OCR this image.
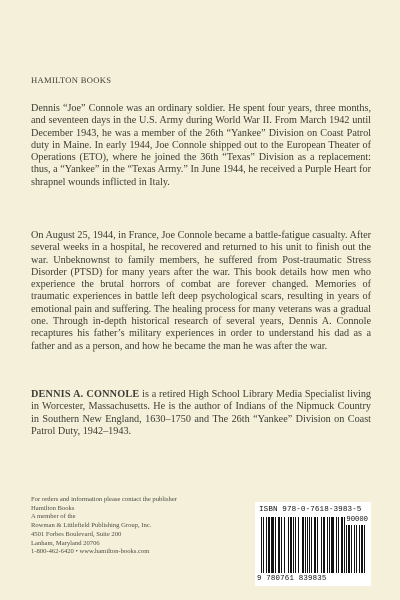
HAMILTON BOOKS
Dennis “Joe” Connole was an ordinary soldier. He spent four years, three months, and seventeen days in the U.S. Army during World War II. From March 1942 until December 1943, he was a member of the 26th “Yankee” Division on Coast Patrol duty in Maine. In early 1944, Joe Connole shipped out to the European Theater of Operations (ETO), where he joined the 36th “Texas” Division as a replacement: thus, a “Yankee” in the “Texas Army.” In June 1944, he received a Purple Heart for shrapnel wounds inflicted in Italy.
On August 25, 1944, in France, Joe Connole became a battle-fatigue casualty. After several weeks in a hospital, he recovered and returned to his unit to finish out the war. Unbeknownst to family members, he suffered from Post-traumatic Stress Disorder (PTSD) for many years after the war. This book details how men who experience the brutal horrors of combat are forever changed. Memories of traumatic experiences in battle left deep psychological scars, resulting in years of emotional pain and suffering. The healing process for many veterans was a gradual one. Through in-depth historical research of several years, Dennis A. Connole recaptures his father’s military experiences in order to understand his dad as a father and as a person, and how he became the man he was after the war.
DENNIS A. CONNOLE is a retired High School Library Media Specialist living in Worcester, Massachusetts. He is the author of Indians of the Nipmuck Country in Southern New England, 1630–1750 and The 26th “Yankee” Division on Coast Patrol Duty, 1942–1943.
For orders and information please contact the publisher
Hamilton Books
A member of the
Rowman & Littlefield Publishing Group, Inc.
4501 Forbes Boulevard, Suite 200
Lanham, Maryland 20706
1-800-462-6420 • www.hamilton-books.com
ISBN 978-0-7618-3983-5
90000
9 780761 839835
